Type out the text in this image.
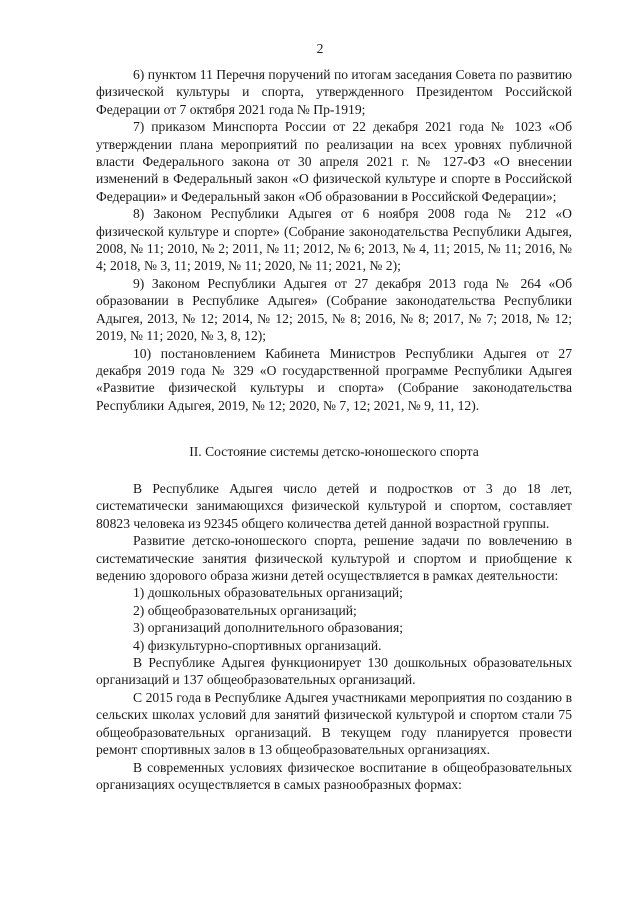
2

6) пунктом 11 Перечня поручений по итогам заседания Совета по развитию физической культуры и спорта, утвержденного Президентом Российской Федерации от 7 октября 2021 года № Пр-1919;

7) приказом Минспорта России от 22 декабря 2021 года № 1023 «Об утверждении плана мероприятий по реализации на всех уровнях публичной власти Федерального закона от 30 апреля 2021 г. № 127-ФЗ «О внесении изменений в Федеральный закон «О физической культуре и спорте в Российской Федерации» и Федеральный закон «Об образовании в Российской Федерации»;

8) Законом Республики Адыгея от 6 ноября 2008 года № 212 «О физической культуре и спорте» (Собрание законодательства Республики Адыгея, 2008, № 11; 2010, № 2; 2011, № 11; 2012, № 6; 2013, № 4, 11; 2015, № 11; 2016, № 4; 2018, № 3, 11; 2019, № 11; 2020, № 11; 2021, № 2);

9) Законом Республики Адыгея от 27 декабря 2013 года № 264 «Об образовании в Республике Адыгея» (Собрание законодательства Республики Адыгея, 2013, № 12; 2014, № 12; 2015, № 8; 2016, № 8; 2017, № 7; 2018, № 12; 2019, № 11; 2020, № 3, 8, 12);

10) постановлением Кабинета Министров Республики Адыгея от 27 декабря 2019 года № 329 «О государственной программе Республики Адыгея «Развитие физической культуры и спорта» (Собрание законодательства Республики Адыгея, 2019, № 12; 2020, № 7, 12; 2021, № 9, 11, 12).

II. Состояние системы детско-юношеского спорта

В Республике Адыгея число детей и подростков от 3 до 18 лет, систематически занимающихся физической культурой и спортом, составляет 80823 человека из 92345 общего количества детей данной возрастной группы.

Развитие детско-юношеского спорта, решение задачи по вовлечению в систематические занятия физической культурой и спортом и приобщение к ведению здорового образа жизни детей осуществляется в рамках деятельности:

1) дошкольных образовательных организаций;

2) общеобразовательных организаций;

3) организаций дополнительного образования;

4) физкультурно-спортивных организаций.

В Республике Адыгея функционирует 130 дошкольных образовательных организаций и 137 общеобразовательных организаций.

С 2015 года в Республике Адыгея участниками мероприятия по созданию в сельских школах условий для занятий физической культурой и спортом стали 75 общеобразовательных организаций. В текущем году планируется провести ремонт спортивных залов в 13 общеобразовательных организациях.

В современных условиях физическое воспитание в общеобразовательных организациях осуществляется в самых разнообразных формах:
